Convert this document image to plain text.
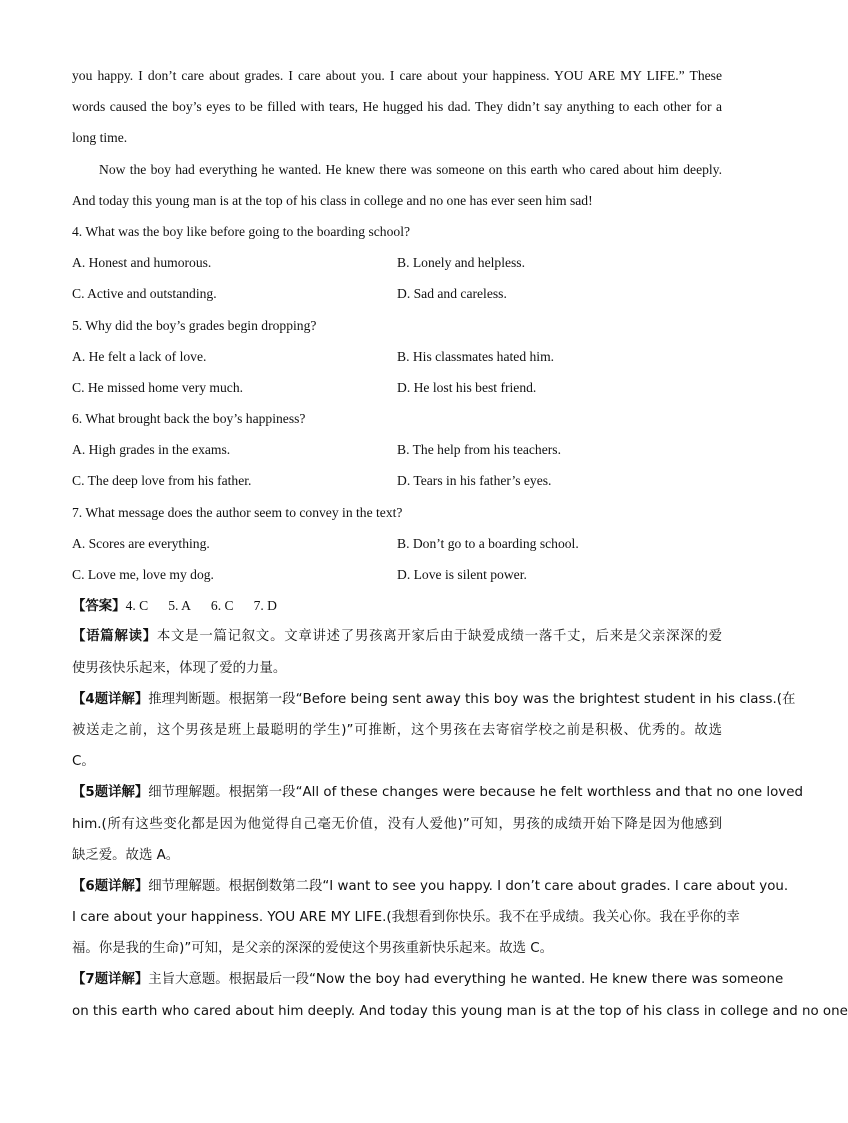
you happy. I don’t care about grades. I care about you. I care about your happiness. YOU ARE MY LIFE.” These
words caused the boy’s eyes to be filled with tears, He hugged his dad. They didn’t say anything to each other for a
long time.
Now the boy had everything he wanted. He knew there was someone on this earth who cared about him deeply.
And today this young man is at the top of his class in college and no one has ever seen him sad!
4. What was the boy like before going to the boarding school?
A. Honest and humorous.	B. Lonely and helpless.
C. Active and outstanding.	D. Sad and careless.
5. Why did the boy’s grades begin dropping?
A. He felt a lack of love.	B. His classmates hated him.
C. He missed home very much.	D. He lost his best friend.
6. What brought back the boy’s happiness?
A. High grades in the exams.	B. The help from his teachers.
C. The deep love from his father.	D. Tears in his father’s eyes.
7. What message does the author seem to convey in the text?
A. Scores are everything.	B. Don’t go to a boarding school.
C. Love me, love my dog.	D. Love is silent power.
【答案】4. C 5. A 6. C 7. D
【语篇解读】本文是一篇记叙文。文章讲述了男孩离开家后由于缺爱成绩一落千丈，后来是父亲深深的爱
使男孩快乐起来，体现了爱的力量。
【4题详解】推理判断题。根据第一段“Before being sent away this boy was the brightest student in his class.(在
被送走之前，这个男孩是班上最聪明的学生)”可推断，这个男孩在去寄宿学校之前是积极、优秀的。故选
C。
【5题详解】细节理解题。根据第一段“All of these changes were because he felt worthless and that no one loved
him.(所有这些变化都是因为他觉得自己毫无价值，没有人爱他)”可知，男孩的成绩开始下降是因为他感到
缺乏爱。故选 A。
【6题详解】细节理解题。根据倒数第二段“I want to see you happy. I don’t care about grades. I care about you.
I care about your happiness. YOU ARE MY LIFE.(我想看到你快乐。我不在乎成绩。我关心你。我在乎你的幸
福。你是我的生命)”可知，是父亲的深深的爱使这个男孩重新快乐起来。故选 C。
【7题详解】主旨大意题。根据最后一段“Now the boy had everything he wanted. He knew there was someone
on this earth who cared about him deeply. And today this young man is at the top of his class in college and no one
